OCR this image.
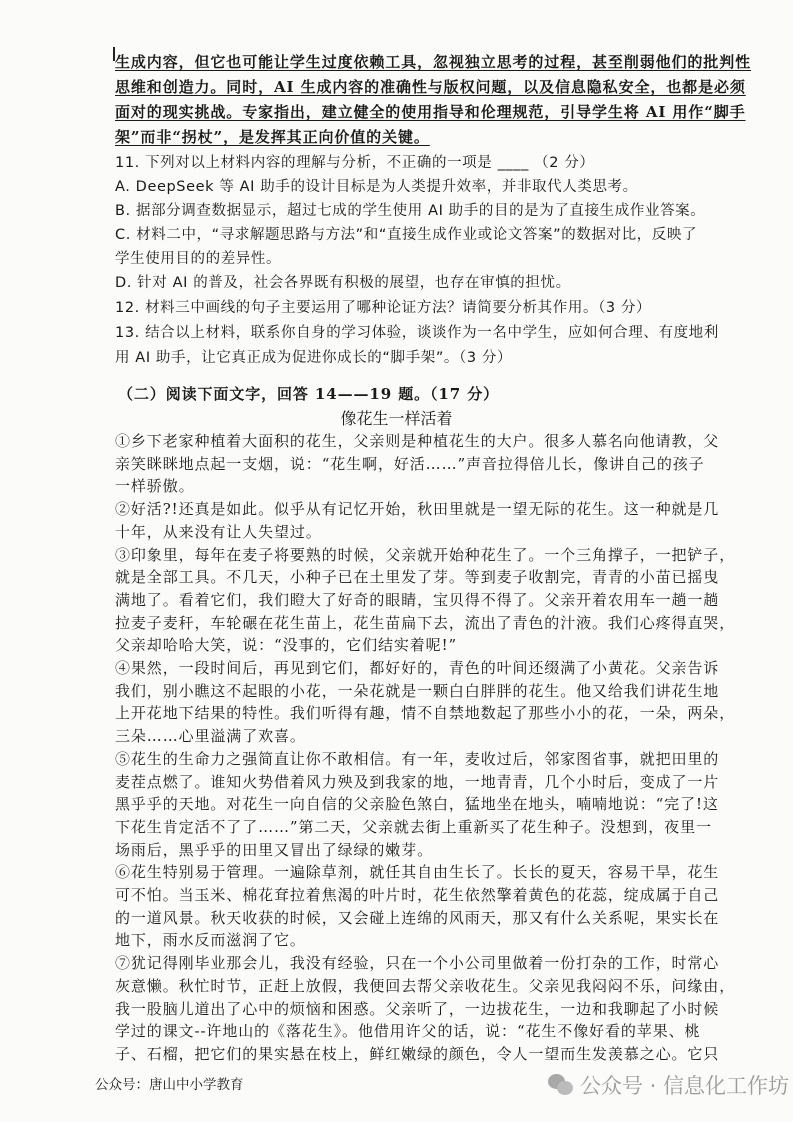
生成内容，但它也可能让学生过度依赖工具，忽视独立思考的过程，甚至削弱他们的批判性
思维和创造力。同时，AI 生成内容的准确性与版权问题，以及信息隐私安全，也都是必须
面对的现实挑战。专家指出，建立健全的使用指导和伦理规范，引导学生将 AI 用作“脚手
架”而非“拐杖”，是发挥其正向价值的关键。
11. 下列对以上材料内容的理解与分析，不正确的一项是 ____ （2 分）
A. DeepSeek 等 AI 助手的设计目标是为人类提升效率，并非取代人类思考。
B. 据部分调查数据显示，超过七成的学生使用 AI 助手的目的是为了直接生成作业答案。
C. 材料二中，“寻求解题思路与方法”和“直接生成作业或论文答案”的数据对比，反映了
学生使用目的的差异性。
D. 针对 AI 的普及，社会各界既有积极的展望，也存在审慎的担忧。
12. 材料三中画线的句子主要运用了哪种论证方法？请简要分析其作用。（3 分）
13. 结合以上材料，联系你自身的学习体验，谈谈作为一名中学生，应如何合理、有度地利
用 AI 助手，让它真正成为促进你成长的“脚手架”。（3 分）
（二）阅读下面文字，回答 14——19 题。（17 分）
像花生一样活着
①乡下老家种植着大面积的花生，父亲则是种植花生的大户。很多人慕名向他请教，父
亲笑眯眯地点起一支烟，说：“花生啊，好活……”声音拉得倍儿长，像讲自己的孩子
一样骄傲。
②好活?!还真是如此。似乎从有记忆开始，秋田里就是一望无际的花生。这一种就是几
十年，从来没有让人失望过。
③印象里，每年在麦子将要熟的时候，父亲就开始种花生了。一个三角撑子，一把铲子，
就是全部工具。不几天，小种子已在土里发了芽。等到麦子收割完，青青的小苗已摇曳
满地了。看着它们，我们瞪大了好奇的眼睛，宝贝得不得了。父亲开着农用车一趟一趟
拉麦子麦秆，车轮碾在花生苗上，花生苗扁下去，流出了青色的汁液。我们心疼得直哭，
父亲却哈哈大笑，说：“没事的，它们结实着呢!”
④果然，一段时间后，再见到它们，都好好的，青色的叶间还缀满了小黄花。父亲告诉
我们，别小瞧这不起眼的小花，一朵花就是一颗白白胖胖的花生。他又给我们讲花生地
上开花地下结果的特性。我们听得有趣，情不自禁地数起了那些小小的花，一朵，两朵，
三朵……心里溢满了欢喜。
⑤花生的生命力之强简直让你不敢相信。有一年，麦收过后，邻家图省事，就把田里的
麦茬点燃了。谁知火势借着风力殃及到我家的地，一地青青，几个小时后，变成了一片
黑乎乎的天地。对花生一向自信的父亲脸色煞白，猛地坐在地头，喃喃地说：“完了!这
下花生肯定活不了了……”第二天，父亲就去街上重新买了花生种子。没想到，夜里一
场雨后，黑乎乎的田里又冒出了绿绿的嫩芽。
⑥花生特别易于管理。一遍除草剂，就任其自由生长了。长长的夏天，容易干旱，花生
可不怕。当玉米、棉花耷拉着焦渴的叶片时，花生依然擎着黄色的花蕊，绽成属于自己
的一道风景。秋天收获的时候，又会碰上连绵的风雨天，那又有什么关系呢，果实长在
地下，雨水反而滋润了它。
⑦犹记得刚毕业那会儿，我没有经验，只在一个小公司里做着一份打杂的工作，时常心
灰意懒。秋忙时节，正赶上放假，我便回去帮父亲收花生。父亲见我闷闷不乐，问缘由，
我一股脑儿道出了心中的烦恼和困惑。父亲听了，一边拔花生，一边和我聊起了小时候
学过的课文--许地山的《落花生》。他借用许父的话，说：“花生不像好看的苹果、桃
子、石榴，把它们的果实悬在枝上，鲜红嫩绿的颜色，令人一望而生发羡慕之心。它只
公众号：唐山中小学教育	公众号 · 信息化工作坊
